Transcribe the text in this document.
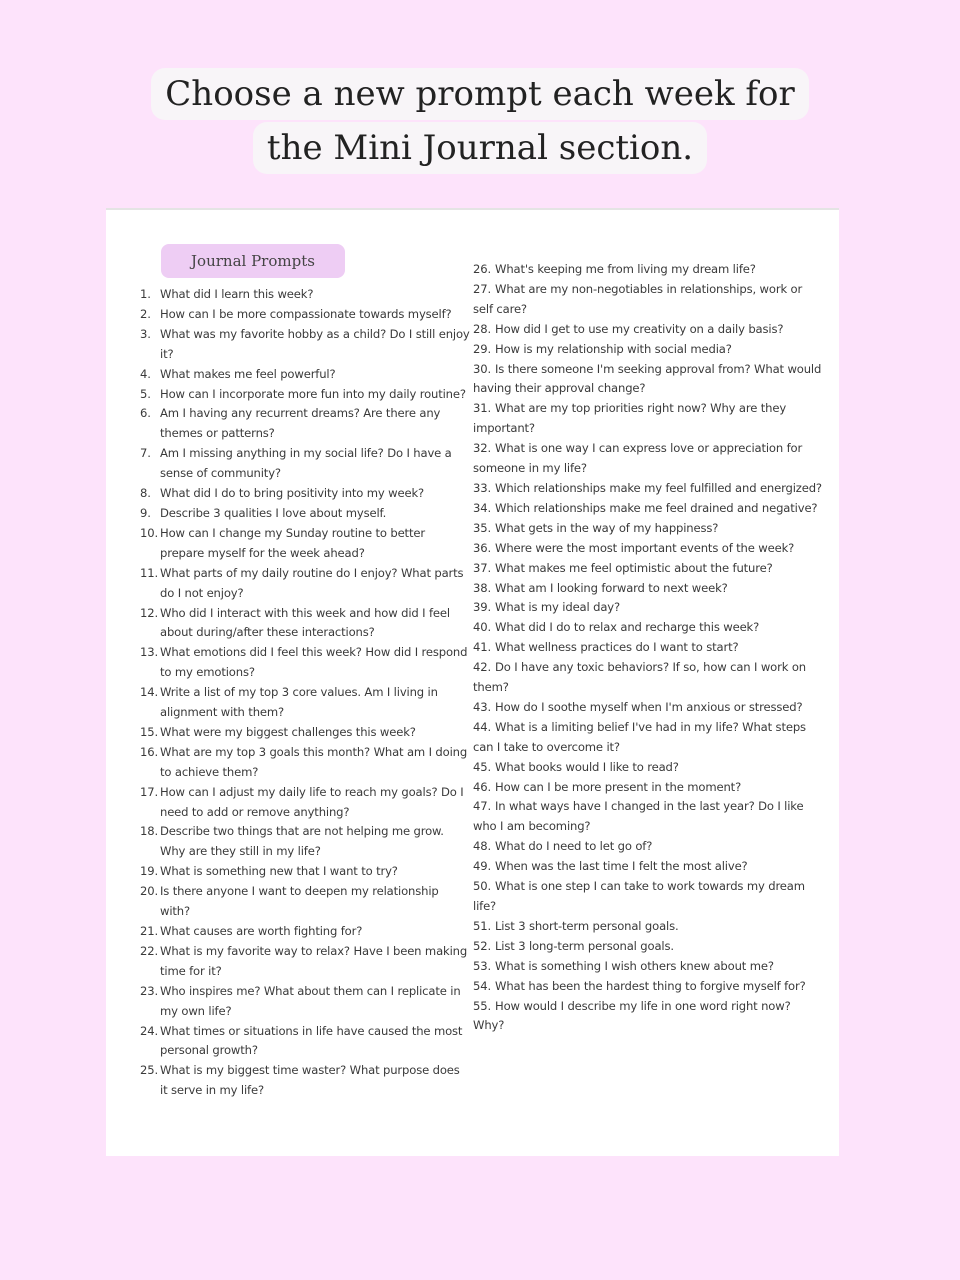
Choose a new prompt each week for
the Mini Journal section.
Journal Prompts
1. What did I learn this week?
2. How can I be more compassionate towards myself?
3. What was my favorite hobby as a child? Do I still enjoy it?
4. What makes me feel powerful?
5. How can I incorporate more fun into my daily routine?
6. Am I having any recurrent dreams? Are there any themes or patterns?
7. Am I missing anything in my social life? Do I have a sense of community?
8. What did I do to bring positivity into my week?
9. Describe 3 qualities I love about myself.
10. How can I change my Sunday routine to better prepare myself for the week ahead?
11. What parts of my daily routine do I enjoy? What parts do I not enjoy?
12. Who did I interact with this week and how did I feel about during/after these interactions?
13. What emotions did I feel this week? How did I respond to my emotions?
14. Write a list of my top 3 core values. Am I living in alignment with them?
15. What were my biggest challenges this week?
16. What are my top 3 goals this month? What am I doing to achieve them?
17. How can I adjust my daily life to reach my goals? Do I need to add or remove anything?
18. Describe two things that are not helping me grow. Why are they still in my life?
19. What is something new that I want to try?
20. Is there anyone I want to deepen my relationship with?
21. What causes are worth fighting for?
22. What is my favorite way to relax? Have I been making time for it?
23. Who inspires me? What about them can I replicate in my own life?
24. What times or situations in life have caused the most personal growth?
25. What is my biggest time waster? What purpose does it serve in my life?
26. What's keeping me from living my dream life?
27. What are my non-negotiables in relationships, work or self care?
28. How did I get to use my creativity on a daily basis?
29. How is my relationship with social media?
30. Is there someone I'm seeking approval from? What would having their approval change?
31. What are my top priorities right now? Why are they important?
32. What is one way I can express love or appreciation for someone in my life?
33. Which relationships make my feel fulfilled and energized?
34. Which relationships make me feel drained and negative?
35. What gets in the way of my happiness?
36. Where were the most important events of the week?
37. What makes me feel optimistic about the future?
38. What am I looking forward to next week?
39. What is my ideal day?
40. What did I do to relax and recharge this week?
41. What wellness practices do I want to start?
42. Do I have any toxic behaviors? If so, how can I work on them?
43. How do I soothe myself when I'm anxious or stressed?
44. What is a limiting belief I've had in my life? What steps can I take to overcome it?
45. What books would I like to read?
46. How can I be more present in the moment?
47. In what ways have I changed in the last year? Do I like who I am becoming?
48. What do I need to let go of?
49. When was the last time I felt the most alive?
50. What is one step I can take to work towards my dream life?
51. List 3 short-term personal goals.
52. List 3 long-term personal goals.
53. What is something I wish others knew about me?
54. What has been the hardest thing to forgive myself for?
55. How would I describe my life in one word right now? Why?
